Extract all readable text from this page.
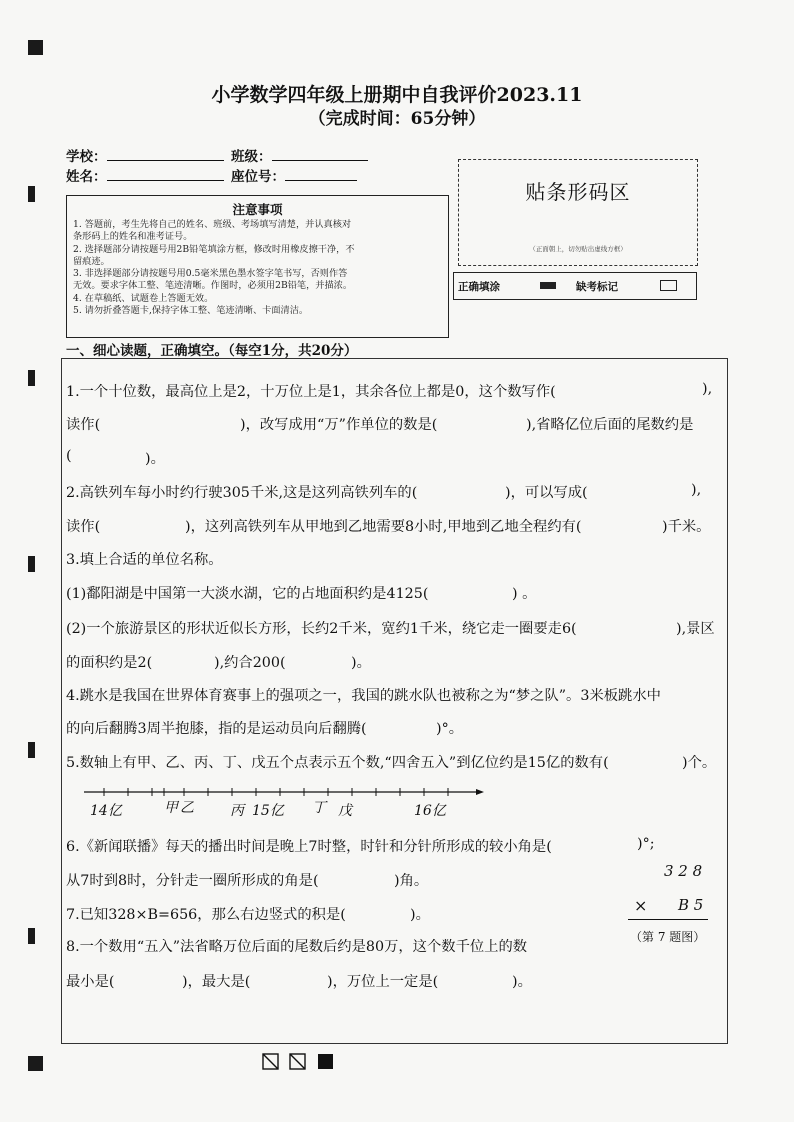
小学数学四年级上册期中自我评价2023.11
（完成时间：65分钟）
学校：	班级：
姓名：	座位号：
注意事项
1. 答题前，考生先将自己的姓名、班级、考场填写清楚，并认真核对
条形码上的姓名和准考证号。
2. 选择题部分请按题号用2B铅笔填涂方框，修改时用橡皮擦干净，不
留痕迹。
3. 非选择题部分请按题号用0.5毫米黑色墨水签字笔书写，否则作答
无效。要求字体工整、笔迹清晰。作图时，必须用2B铅笔，并描浓。
4. 在草稿纸、试题卷上答题无效。
5. 请勿折叠答题卡,保持字体工整、笔迹清晰、卡面清洁。
贴条形码区
（正面朝上，切勿贴出虚线方框）
正确填涂	缺考标记
一、细心读题，正确填空。（每空1分，共20分）
1.一个十位数，最高位上是2，十万位上是1，其余各位上都是0，这个数写作(	),
读作(	)，改写成用“万”作单位的数是(	),省略亿位后面的尾数约是
(	)。
2.高铁列车每小时约行驶305千米,这是这列高铁列车的(	)，可以写成(	),
读作(	)，这列高铁列车从甲地到乙地需要8小时,甲地到乙地全程约有(	)千米。
3.填上合适的单位名称。
(1)鄱阳湖是中国第一大淡水湖，它的占地面积约是4125(	) 。
(2)一个旅游景区的形状近似长方形，长约2千米，宽约1千米，绕它走一圈要走6(	),景区
的面积约是2(	),约合200(	)。
4.跳水是我国在世界体育赛事上的强项之一，我国的跳水队也被称之为“梦之队”。3米板跳水中
的向后翻腾3周半抱膝，指的是运动员向后翻腾(	)°。
5.数轴上有甲、乙、丙、丁、戊五个点表示五个数,“四舍五入”到亿位约是15亿的数有(	)个。
14亿	甲 乙	丙 15亿 丁 戊	16亿
6.《新闻联播》每天的播出时间是晚上7时整，时针和分针所形成的较小角是(	)°;
从7时到8时，分针走一圈所形成的角是(	)角。
3 2 8
× B 5
（第 7 题图）
7.已知328×B=656，那么右边竖式的积是(	)。
8.一个数用“五入”法省略万位后面的尾数后约是80万，这个数千位上的数
最小是(	)，最大是(	)，万位上一定是(	)。
